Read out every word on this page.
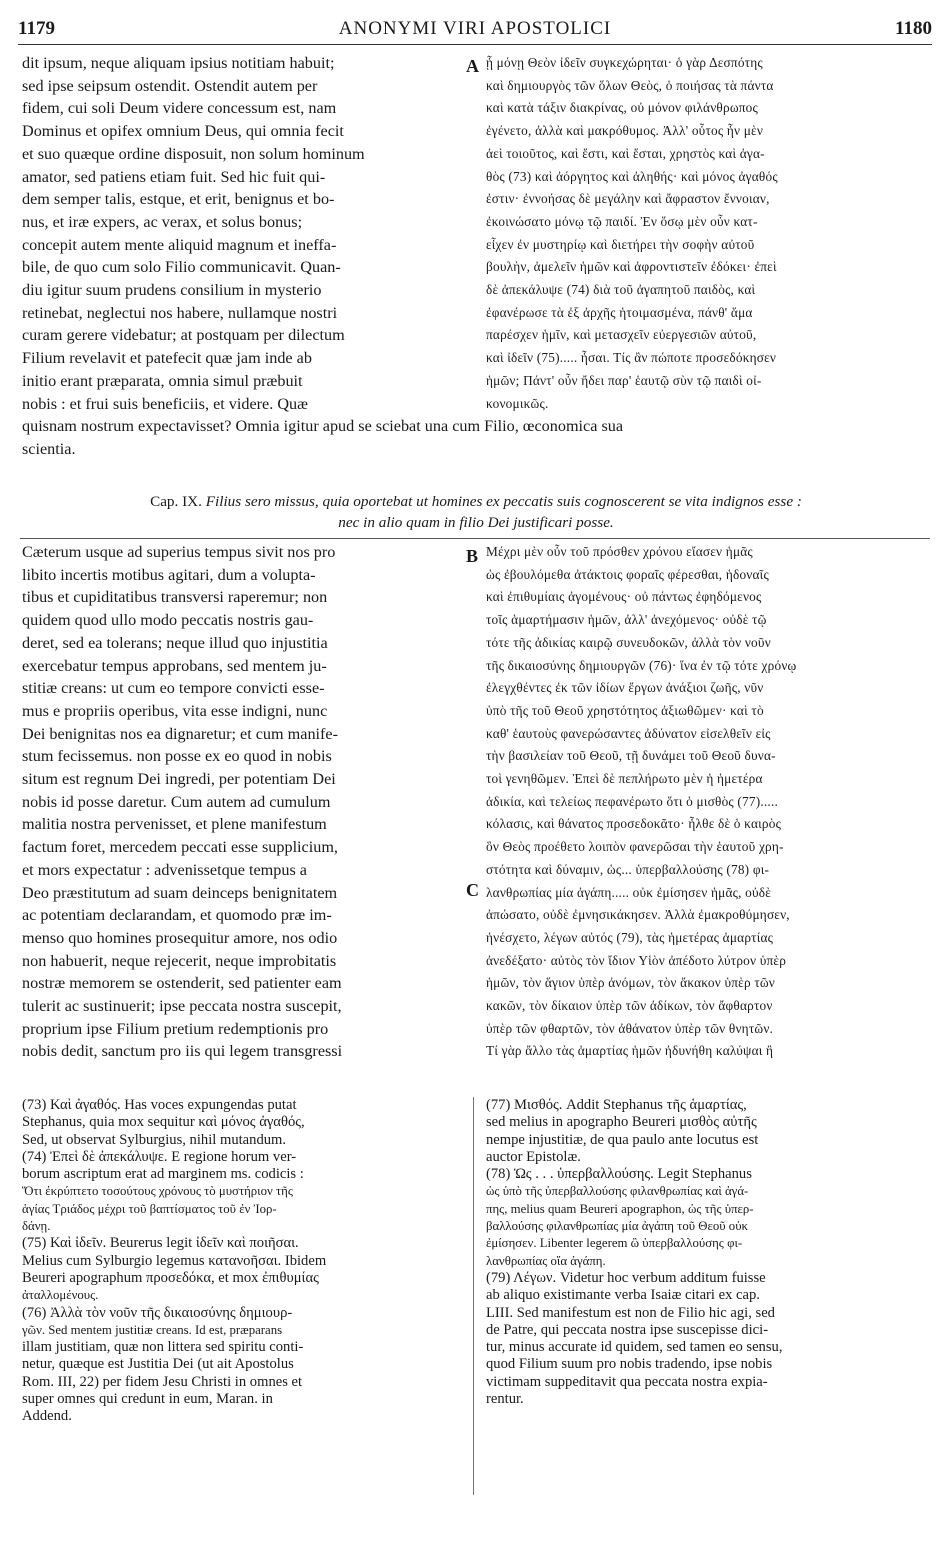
1179	ANONYMI VIRI APOSTOLICI	1180
dit ipsum, neque aliquam ipsius notitiam habuit;
sed ipse seipsum ostendit. Ostendit autem per
fidem, cui soli Deum videre concessum est, nam
Dominus et opifex omnium Deus, qui omnia fecit
et suo quæque ordine disposuit, non solum hominum
amator, sed patiens etiam fuit. Sed hic fuit qui-
dem semper talis, estque, et erit, benignus et bo-
nus, et iræ expers, ac verax, et solus bonus;
concepit autem mente aliquid magnum et ineffa-
bile, de quo cum solo Filio communicavit. Quan-
diu igitur suum prudens consilium in mysterio
retinebat, neglectui nos habere, nullamque nostri
curam gerere videbatur; at postquam per dilectum
Filium revelavit et patefecit quæ jam inde ab
initio erant præparata, omnia simul præbuit
nobis : et frui suis beneficiis, et videre. Quæ
A ᾗ μόνῃ Θεὸν ἰδεῖν συγκεχώρηται· ὁ γὰρ Δεσπότης
καὶ δημιουργὸς τῶν ὅλων Θεὸς, ὁ ποιήσας τὰ πάντα
καὶ κατὰ τάξιν διακρίνας, οὐ μόνον φιλάνθρωπος
ἐγένετο, ἀλλὰ καὶ μακρόθυμος. Ἀλλ' οὗτος ἦν μὲν
ἀεὶ τοιοῦτος, καὶ ἔστι, καὶ ἔσται, χρηστὸς καὶ ἀγα-
θὸς (73) καὶ ἀόργητος καὶ ἀληθής· καὶ μόνος ἀγαθός
ἐστιν· ἐννοήσας δὲ μεγάλην καὶ ἄφραστον ἔννοιαν,
ἐκοινώσατο μόνῳ τῷ παιδί. Ἐν ὅσῳ μὲν οὖν κατ-
εἶχεν ἐν μυστηρίῳ καὶ διετήρει τὴν σοφὴν αὐτοῦ
βουλὴν, ἀμελεῖν ἡμῶν καὶ ἀφροντιστεῖν ἐδόκει· ἐπεὶ
δὲ ἀπεκάλυψε (74) διὰ τοῦ ἀγαπητοῦ παιδὸς, καὶ
ἐφανέρωσε τὰ ἐξ ἀρχῆς ἡτοιμασμένα, πάνθ' ἅμα
παρέσχεν ἡμῖν, καὶ μετασχεῖν εὐεργεσιῶν αὐτοῦ,
καὶ ἰδεῖν (75)..... ἦσαι. Τίς ἂν πώποτε προσεδόκησεν
ἡμῶν; Πάντ' οὖν ἤδει παρ' ἑαυτῷ σὺν τῷ παιδὶ οἰ-
κονομικῶς.
quisnam nostrum expectavisset? Omnia igitur apud se sciebat una cum Filio, œconomica sua
scientia.
Cap. IX. Filius sero missus, quia oportebat ut homines ex peccatis suis cognoscerent se vita indignos esse :
nec in alio quam in filio Dei justificari posse.
Cæterum usque ad superius tempus sivit nos pro
libito incertis motibus agitari, dum a volupta-
tibus et cupiditatibus transversi raperemur; non
quidem quod ullo modo peccatis nostris gau-
deret, sed ea tolerans; neque illud quo injustitia
exercebatur tempus approbans, sed mentem ju-
stitiæ creans: ut cum eo tempore convicti esse-
mus e propriis operibus, vita esse indigni, nunc
Dei benignitas nos ea dignaretur; et cum manife-
stum fecissemus. non posse ex eo quod in nobis
situm est regnum Dei ingredi, per potentiam Dei
nobis id posse daretur. Cum autem ad cumulum
malitia nostra pervenisset, et plene manifestum
factum foret, mercedem peccati esse supplicium,
et mors expectatur : advenissetque tempus a
Deo præstitutum ad suam deinceps benignitatem
ac potentiam declarandam, et quomodo præ im-
menso quo homines prosequitur amore, nos odio
non habuerit, neque rejecerit, neque improbitatis
nostræ memorem se ostenderit, sed patienter eam
tulerit ac sustinuerit; ipse peccata nostra suscepit,
proprium ipse Filium pretium redemptionis pro
nobis dedit, sanctum pro iis qui legem transgressi
B
C
Μέχρι μὲν οὖν τοῦ πρόσθεν χρόνου εἴασεν ἡμᾶς
ὡς ἐβουλόμεθα ἀτάκτοις φοραῖς φέρεσθαι, ἡδοναῖς
καὶ ἐπιθυμίαις ἀγομένους· οὐ πάντως ἐφηδόμενος
τοῖς ἁμαρτήμασιν ἡμῶν, ἀλλ' ἀνεχόμενος· οὐδὲ τῷ
τότε τῆς ἀδικίας καιρῷ συνευδοκῶν, ἀλλὰ τὸν νοῦν
τῆς δικαιοσύνης δημιουργῶν (76)· ἵνα ἐν τῷ τότε χρόνῳ
ἐλεγχθέντες ἐκ τῶν ἰδίων ἔργων ἀνάξιοι ζωῆς, νῦν
ὑπὸ τῆς τοῦ Θεοῦ χρηστότητος ἀξιωθῶμεν· καὶ τὸ
καθ' ἑαυτοὺς φανερώσαντες ἀδύνατον εἰσελθεῖν εἰς
τὴν βασιλείαν τοῦ Θεοῦ, τῇ δυνάμει τοῦ Θεοῦ δυνα-
τοὶ γενηθῶμεν. Ἐπεὶ δὲ πεπλήρωτο μὲν ἡ ἡμετέρα
ἀδικία, καὶ τελείως πεφανέρωτο ὅτι ὁ μισθὸς (77).....
κόλασις, καὶ θάνατος προσεδοκᾶτο· ἦλθε δὲ ὁ καιρὸς
ὃν Θεὸς προέθετο λοιπὸν φανερῶσαι τὴν ἑαυτοῦ χρη-
στότητα καὶ δύναμιν, ὡς... ὑπερβαλλούσης (78) φι-
λανθρωπίας μία ἀγάπη..... οὐκ ἐμίσησεν ἡμᾶς, οὐδὲ
ἀπώσατο, οὐδὲ ἐμνησικάκησεν. Ἀλλὰ ἐμακροθύμησεν,
ἠνέσχετο, λέγων αὐτός (79), τὰς ἡμετέρας ἁμαρτίας
ἀνεδέξατο· αὐτὸς τὸν ἴδιον Υἱὸν ἀπέδοτο λύτρον ὑπὲρ
ἡμῶν, τὸν ἅγιον ὑπὲρ ἀνόμων, τὸν ἄκακον ὑπὲρ τῶν
κακῶν, τὸν δίκαιον ὑπὲρ τῶν ἀδίκων, τὸν ἄφθαρτον
ὑπὲρ τῶν φθαρτῶν, τὸν ἀθάνατον ὑπὲρ τῶν θνητῶν.
Τί γὰρ ἄλλο τὰς ἁμαρτίας ἡμῶν ἠδυνήθη καλύψαι ἢ
(73) Καὶ ἀγαθός. Has voces expungendas putat
Stephanus, quia mox sequitur καὶ μόνος ἀγαθός,
Sed, ut observat Sylburgius, nihil mutandum.
(74) Ἐπεὶ δὲ ἀπεκάλυψε. E regione horum ver-
borum ascriptum erat ad marginem ms. codicis :
Ὅτι ἐκρύπτετο τοσούτους χρόνους τὸ μυστήριον τῆς
ἁγίας Τριάδος μέχρι τοῦ βαπτίσματος τοῦ ἐν Ἰορ-
δάνῃ.
(75) Καὶ ἰδεῖν. Beurerus legit ἰδεῖν καὶ ποιῆσαι.
Melius cum Sylburgio legemus κατανοῆσαι. Ibidem
Beureri apographum προσεδόκα, et mox ἐπιθυμίας
ἀταλλομένους.
(76) Ἀλλὰ τὸν νοῦν τῆς δικαιοσύνης δημιουρ-
γῶν. Sed mentem justitiæ creans. Id est, præparans
illam justitiam, quæ non littera sed spiritu conti-
netur, quæque est Justitia Dei (ut ait Apostolus
Rom. III, 22) per fidem Jesu Christi in omnes et
super omnes qui credunt in eum, Maran. in
Addend.
(77) Μισθός. Addit Stephanus τῆς ἁμαρτίας,
sed melius in apographo Beureri μισθὸς αὐτῆς
nempe injustitiæ, de qua paulo ante locutus est
auctor Epistolæ.
(78) Ὡς . . . ὑπερβαλλούσης. Legit Stephanus
ὡς ὑπὸ τῆς ὑπερβαλλούσης φιλανθρωπίας καὶ ἀγά-
πης, melius quam Beureri apographon, ὡς τῆς ὑπερ-
βαλλούσης φιλανθρωπίας μία ἀγάπη τοῦ Θεοῦ οὐκ
ἐμίσησεν. Libenter legerem ὢ ὑπερβαλλούσης φι-
λανθρωπίας οἵα ἀγάπη.
(79) Λέγων. Videtur hoc verbum additum fuisse
ab aliquo existimante verba Isaiæ citari ex cap.
LIII. Sed manifestum est non de Filio hic agi, sed
de Patre, qui peccata nostra ipse suscepisse dici-
tur, minus accurate id quidem, sed tamen eo sensu,
quod Filium suum pro nobis tradendo, ipse nobis
victimam suppeditavit qua peccata nostra expia-
rentur.
